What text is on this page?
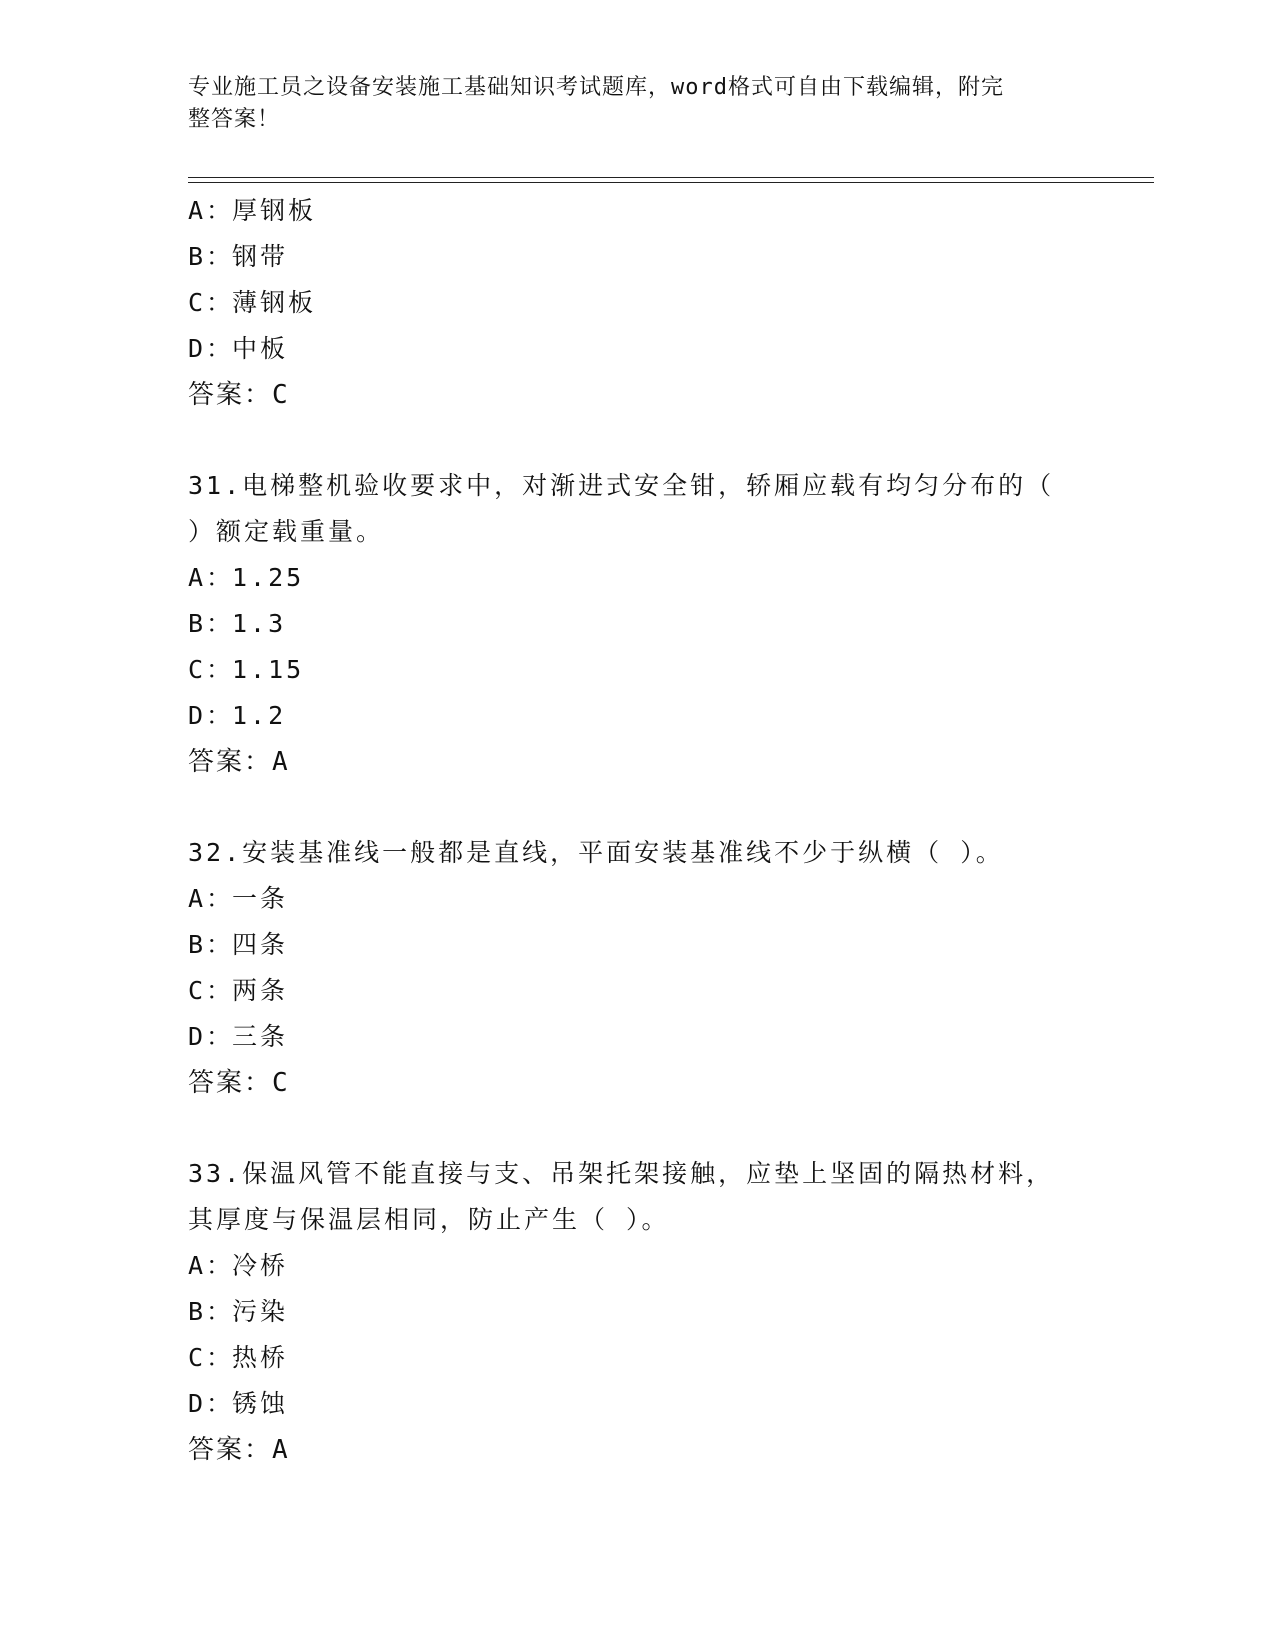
专业施工员之设备安装施工基础知识考试题库，word格式可自由下载编辑，附完
整答案！
A：
厚钢板
B：
钢带
C：
薄钢板
D：
中板
答案： C

31.电梯整机验收要求中，对渐进式安全钳，轿厢应载有均匀分布的（
）额定载重量。

A：
1.25
B：
1.3
C：
1.15
D：
1.2
答案： A

32.安装基准线一般都是直线，平面安装基准线不少于纵横（ ）。

A：
一条
B：
四条
C：
两条
D：
三条
答案： C

33.保温风管不能直接与支、吊架托架接触，应垫上坚固的隔热材料，
其厚度与保温层相同，防止产生（ ）。

A：
冷桥
B：
污染
C：
热桥
D：
锈蚀
答案： A
